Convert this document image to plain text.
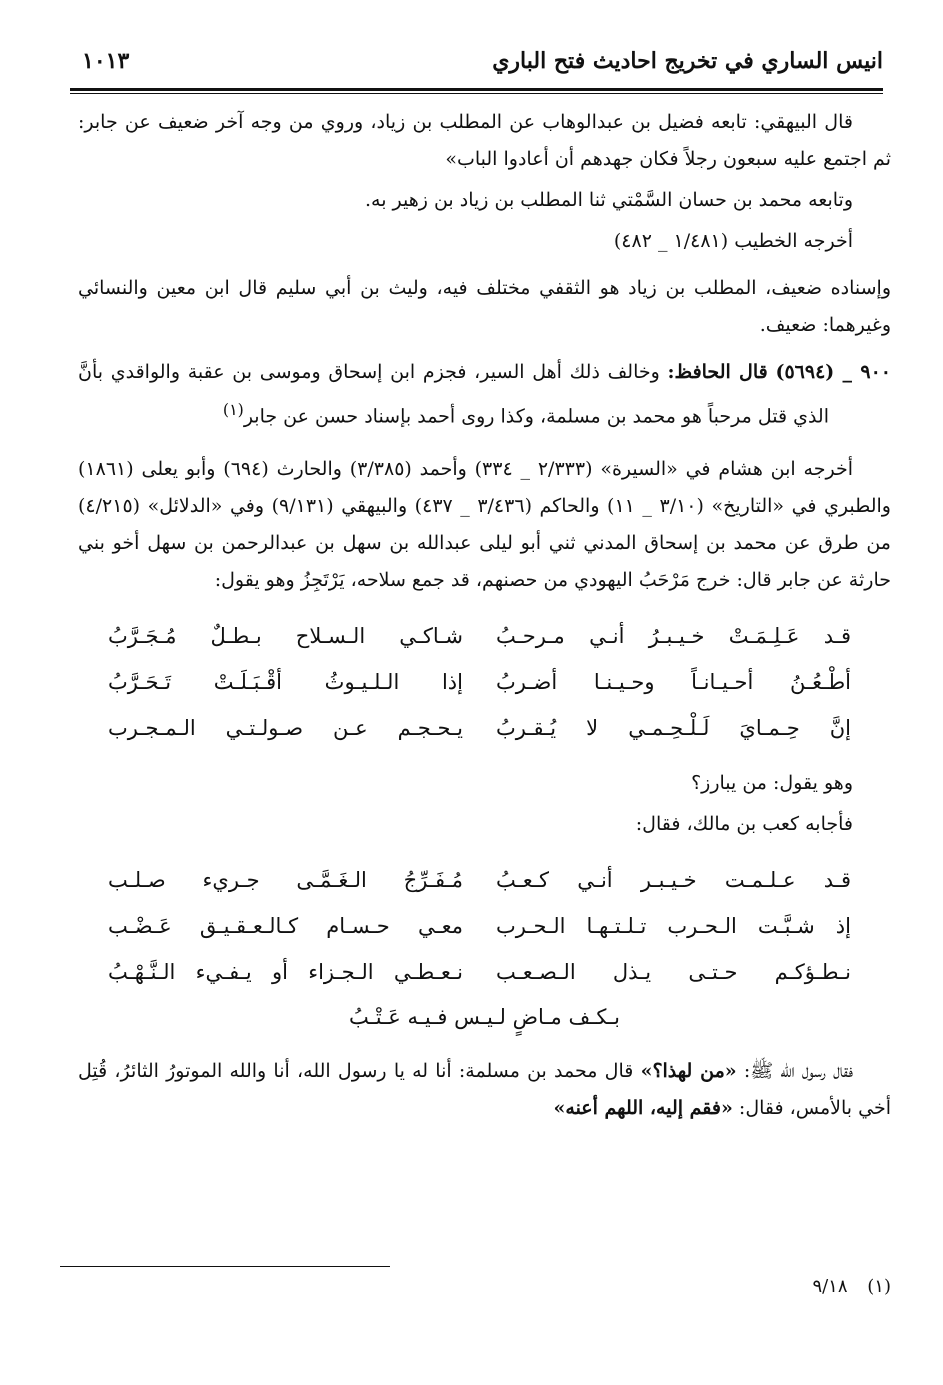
انيس الساري في تخريج احاديث فتح الباري
١٠١٣

قال البيهقي: تابعه فضيل بن عبدالوهاب عن المطلب بن زياد، وروي من وجه آخر ضعيف عن جابر: ثم اجتمع عليه سبعون رجلاً فكان جهدهم أن أعادوا الباب»

وتابعه محمد بن حسان السَّمْتي ثنا المطلب بن زياد بن زهير به.

أخرجه الخطيب (١/٤٨١ _ ٤٨٢)

وإسناده ضعيف، المطلب بن زياد هو الثقفي مختلف فيه، وليث بن أبي سليم قال ابن معين والنسائي وغيرهما: ضعيف.

٩٠٠ _ (٥٦٩٤) قال الحافظ: وخالف ذلك أهل السير، فجزم ابن إسحاق وموسى بن عقبة والواقدي بأنَّ الذي قتل مرحباً هو محمد بن مسلمة، وكذا روى أحمد بإسناد حسن عن جابر$^{(١)}$

أخرجه ابن هشام في «السيرة» (٢/٣٣٣ _ ٣٣٤) وأحمد (٣/٣٨٥) والحارث (٦٩٤) وأبو يعلى (١٨٦١) والطبري في «التاريخ» (٣/١٠ _ ١١) والحاكم (٣/٤٣٦ _ ٤٣٧) والبيهقي (٩/١٣١) وفي «الدلائل» (٤/٢١٥) من طرق عن محمد بن إسحاق المدني ثني أبو ليلى عبدالله بن سهل بن عبدالرحمن بن سهل أخو بني حارثة عن جابر قال: خرج مَرْحَبُ اليهودي من حصنهم، قد جمع سلاحه، يَرْتَجِزُ وهو يقول:

قـد عَـلِـمَـتْ خـيـبـرُ أنـي مـرحـبُ
شـاكـي الـسـلاح بـطـلٌ مُـجَـرَّبُ
أطْـعُـنُ أحـيـانـاً وحـيـنـا أضـربُ
إذا الـلـيـوثُ أقْـبَـلَـتْ تَـحَـرَّبُ
إنَّ حِـمـايَ لَـلْـحِـمـي لا يُـقـربُ
يـحـجـم عـن صـولـتـي الـمـجـرب

وهو يقول: من يبارز؟

فأجابه كعب بن مالك، فقال:

قـد عـلـمـت خـيـبـر أنـي كـعـبُ
مُـفَـرِّجُ الـغَـمَّـى جـريء صـلـب
إذ شـبَّـت الـحـرب تـلـتـهـا الـحـرب
معـي حـسـام كـالـعـقـيـق عَـضْـب
نـطـؤكـم حـتـى يـذل الـصـعـب
نـعـطـي الـجـزاء أو يـفـيء الـنَّـهْـبُ
بـكـف مـاضٍ لـيـس فـيـه عَـتْـبُ

فقال رسول الله ﷺ: «من لهذا؟» قال محمد بن مسلمة: أنا له يا رسول الله، أنا والله الموتورُ الثائرُ، قُتِل أخي بالأمس، فقال: «فقم إليه، اللهم أعنه»

(١) ٩/١٨
